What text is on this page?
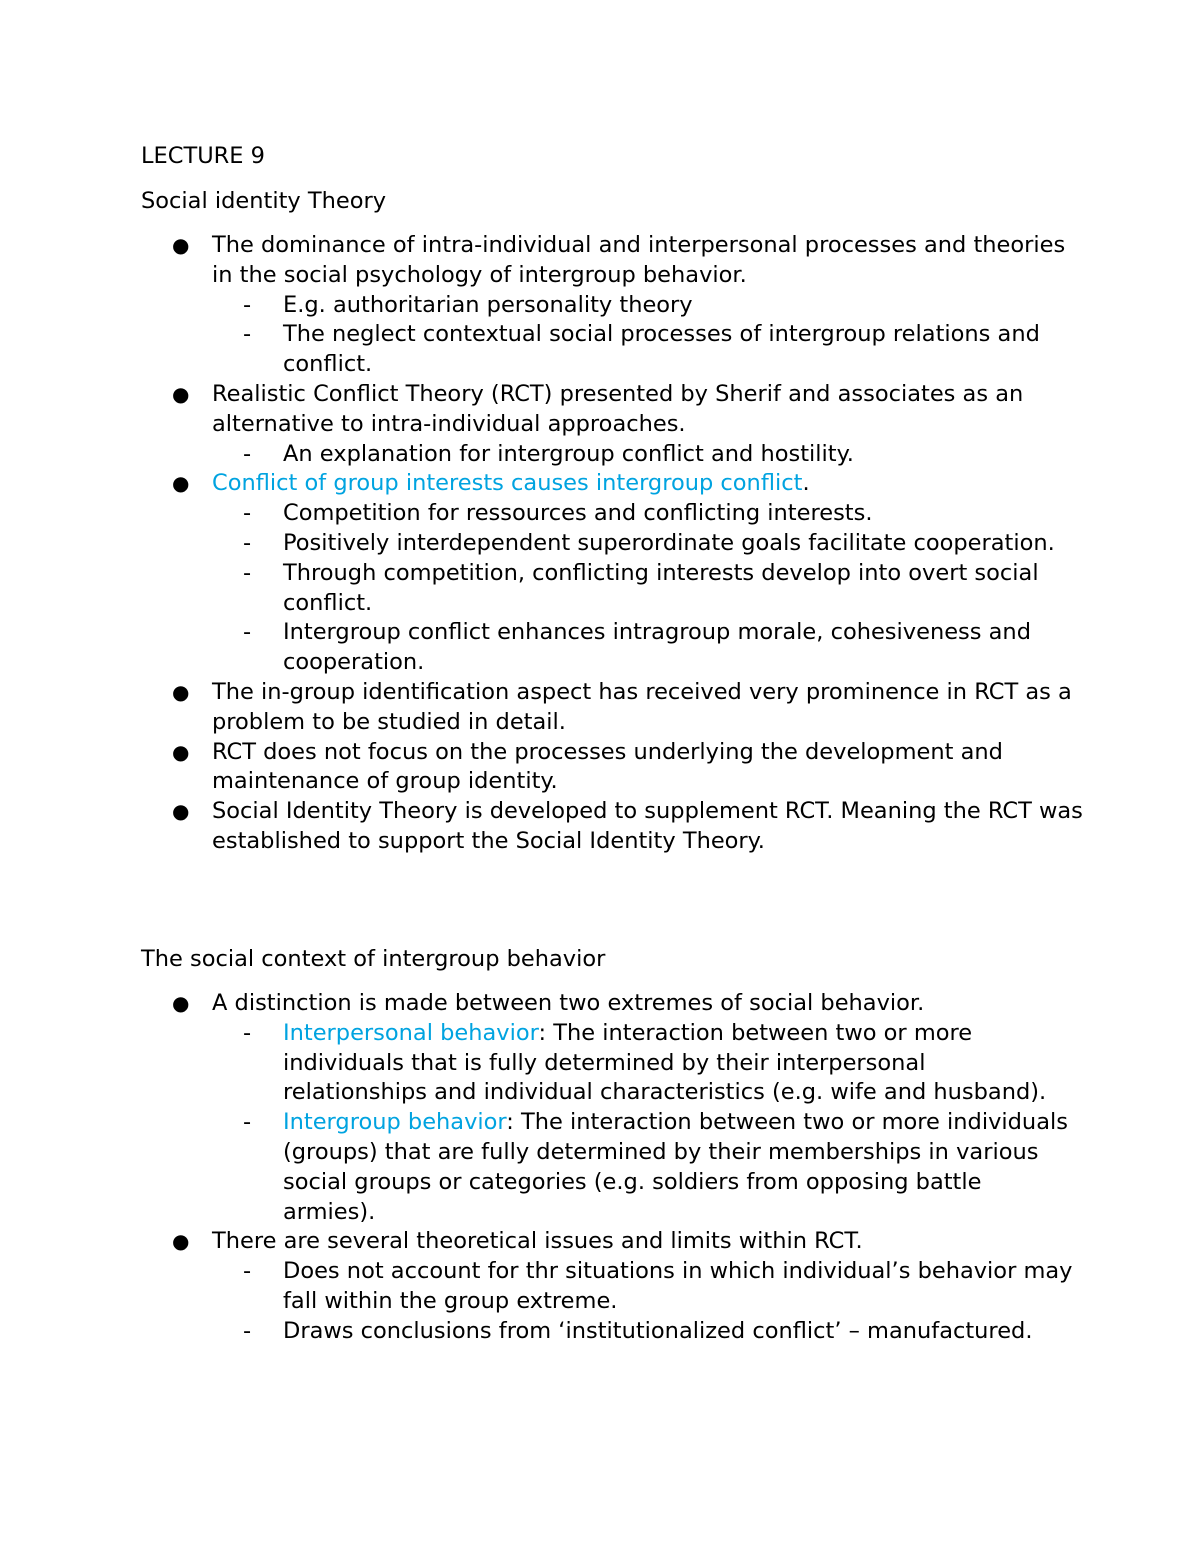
LECTURE 9
Social identity Theory
● The dominance of intra-individual and interpersonal processes and theories in the social psychology of intergroup behavior.
- E.g. authoritarian personality theory
- The neglect contextual social processes of intergroup relations and conflict.
● Realistic Conflict Theory (RCT) presented by Sherif and associates as an alternative to intra-individual approaches.
- An explanation for intergroup conflict and hostility.
● Conflict of group interests causes intergroup conflict.
- Competition for ressources and conflicting interests.
- Positively interdependent superordinate goals facilitate cooperation.
- Through competition, conflicting interests develop into overt social conflict.
- Intergroup conflict enhances intragroup morale, cohesiveness and cooperation.
● The in-group identification aspect has received very prominence in RCT as a problem to be studied in detail.
● RCT does not focus on the processes underlying the development and maintenance of group identity.
● Social Identity Theory is developed to supplement RCT. Meaning the RCT was established to support the Social Identity Theory.
The social context of intergroup behavior
● A distinction is made between two extremes of social behavior.
- Interpersonal behavior: The interaction between two or more individuals that is fully determined by their interpersonal relationships and individual characteristics (e.g. wife and husband).
- Intergroup behavior: The interaction between two or more individuals (groups) that are fully determined by their memberships in various social groups or categories (e.g. soldiers from opposing battle armies).
● There are several theoretical issues and limits within RCT.
- Does not account for thr situations in which individual’s behavior may fall within the group extreme.
- Draws conclusions from ‘institutionalized conflict’ – manufactured.
